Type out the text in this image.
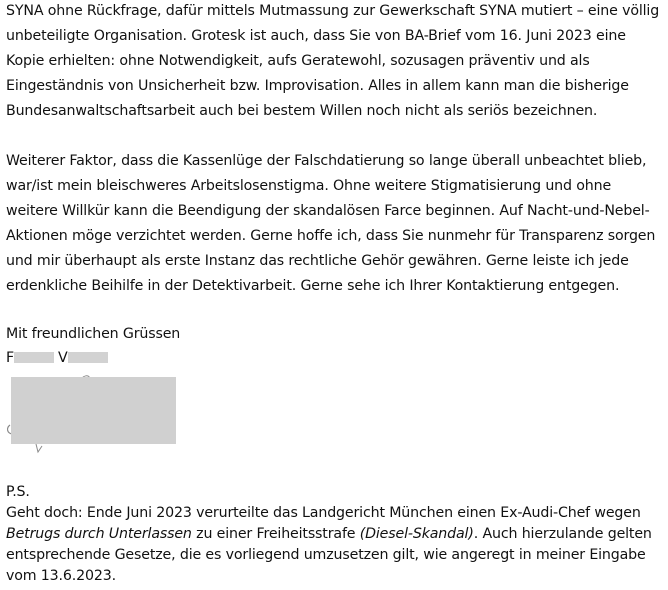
SYNA ohne Rückfrage, dafür mittels Mutmassung zur Gewerkschaft SYNA mutiert – eine völlig
unbeteiligte Organisation. Grotesk ist auch, dass Sie von BA-Brief vom 16. Juni 2023 eine
Kopie erhielten: ohne Notwendigkeit, aufs Geratewohl, sozusagen präventiv und als
Eingeständnis von Unsicherheit bzw. Improvisation. Alles in allem kann man die bisherige
Bundesanwaltschaftsarbeit auch bei bestem Willen noch nicht als seriös bezeichnen.
Weiterer Faktor, dass die Kassenlüge der Falschdatierung so lange überall unbeachtet blieb,
war/ist mein bleischweres Arbeitslosenstigma. Ohne weitere Stigmatisierung und ohne
weitere Willkür kann die Beendigung der skandalösen Farce beginnen. Auf Nacht-und-Nebel-
Aktionen möge verzichtet werden. Gerne hoffe ich, dass Sie nunmehr für Transparenz sorgen
und mir überhaupt als erste Instanz das rechtliche Gehör gewähren. Gerne leiste ich jede
erdenkliche Beihilfe in der Detektivarbeit. Gerne sehe ich Ihrer Kontaktierung entgegen.
Mit freundlichen Grüssen
F	V
P.S.
Geht doch: Ende Juni 2023 verurteilte das Landgericht München einen Ex-Audi-Chef wegen
Betrugs durch Unterlassen zu einer Freiheitsstrafe (Diesel-Skandal). Auch hierzulande gelten
entsprechende Gesetze, die es vorliegend umzusetzen gilt, wie angeregt in meiner Eingabe
vom 13.6.2023.
